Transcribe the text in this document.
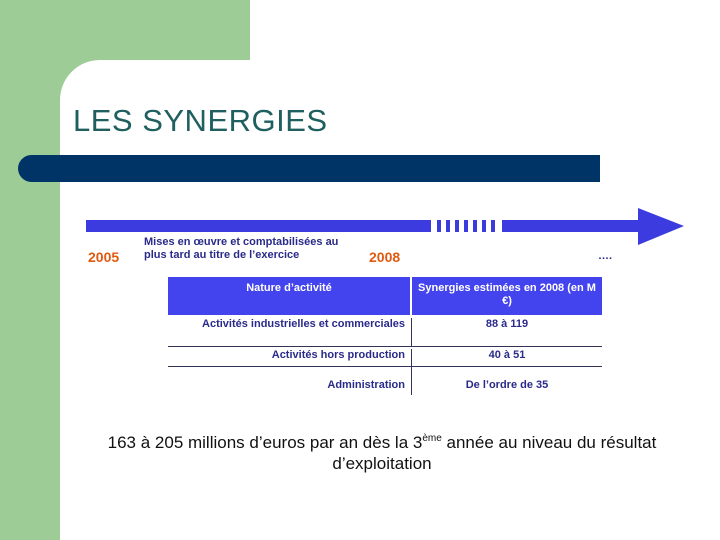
LES SYNERGIES
2005
Mises en œuvre et comptabilisées au plus tard au titre de l’exercice	2008	….
Nature d’activité	Synergies estimées en 2008 (en M €)
Activités industrielles et commerciales	88 à 119
Activités hors production	40 à 51
Administration	De l’ordre de 35
163 à 205 millions d’euros par an dès la 3ème année au niveau du résultat d’exploitation
